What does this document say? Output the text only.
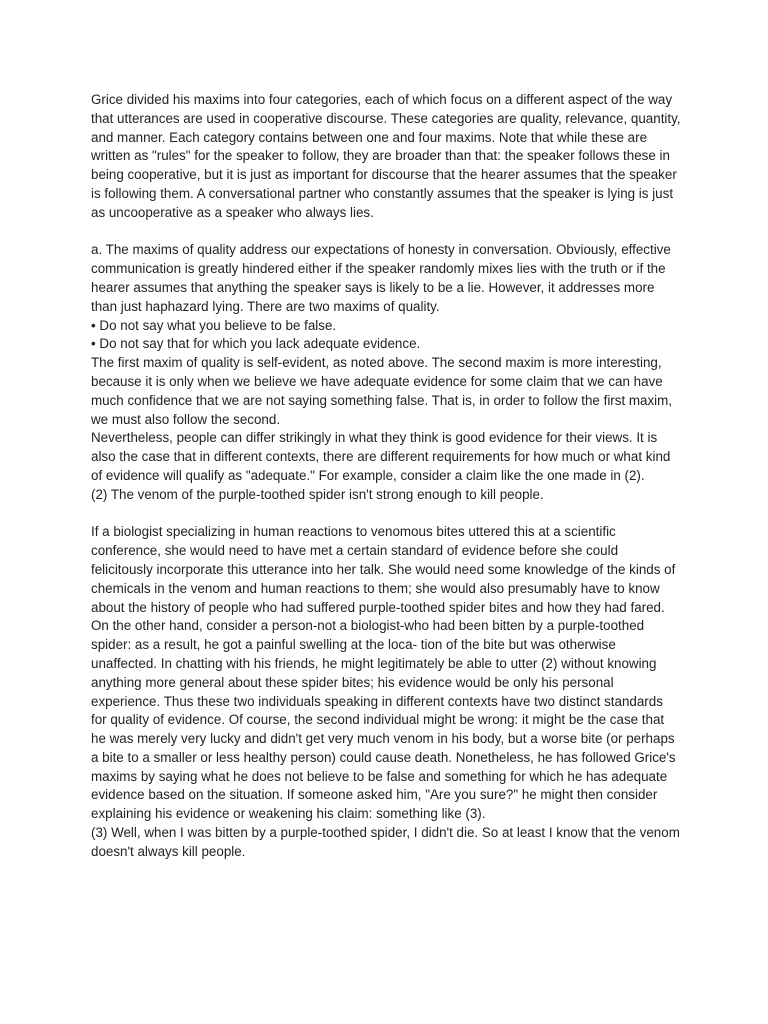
Grice divided his maxims into four categories, each of which focus on a different aspect of the way that utterances are used in cooperative discourse. These categories are quality, relevance, quantity, and manner. Each category contains between one and four maxims. Note that while these are written as "rules" for the speaker to follow, they are broader than that: the speaker follows these in being cooperative, but it is just as important for discourse that the hearer assumes that the speaker is following them. A conversational partner who constantly assumes that the speaker is lying is just as uncooperative as a speaker who always lies.

a. The maxims of quality address our expectations of honesty in conversation. Obviously, effective communication is greatly hindered either if the speaker randomly mixes lies with the truth or if the hearer assumes that anything the speaker says is likely to be a lie. However, it addresses more than just haphazard lying. There are two maxims of quality.

• Do not say what you believe to be false.

• Do not say that for which you lack adequate evidence.

The first maxim of quality is self-evident, as noted above. The second maxim is more interesting, because it is only when we believe we have adequate evidence for some claim that we can have much confidence that we are not saying something false. That is, in order to follow the first maxim, we must also follow the second.

Nevertheless, people can differ strikingly in what they think is good evidence for their views. It is also the case that in different contexts, there are different requirements for how much or what kind of evidence will qualify as "adequate." For example, consider a claim like the one made in (2).

(2) The venom of the purple-toothed spider isn't strong enough to kill people.

If a biologist specializing in human reactions to venomous bites uttered this at a scientific conference, she would need to have met a certain standard of evidence before she could felicitously incorporate this utterance into her talk. She would need some knowledge of the kinds of chemicals in the venom and human reactions to them; she would also presumably have to know about the history of people who had suffered purple-toothed spider bites and how they had fared. On the other hand, consider a person-not a biologist-who had been bitten by a purple-toothed spider: as a result, he got a painful swelling at the loca- tion of the bite but was otherwise unaffected. In chatting with his friends, he might legitimately be able to utter (2) without knowing anything more general about these spider bites; his evidence would be only his personal experience. Thus these two individuals speaking in different contexts have two distinct standards for quality of evidence. Of course, the second individual might be wrong: it might be the case that he was merely very lucky and didn't get very much venom in his body, but a worse bite (or perhaps a bite to a smaller or less healthy person) could cause death. Nonetheless, he has followed Grice's maxims by saying what he does not believe to be false and something for which he has adequate evidence based on the situation. If someone asked him, "Are you sure?" he might then consider explaining his evidence or weakening his claim: something like (3).

(3) Well, when I was bitten by a purple-toothed spider, I didn't die. So at least I know that the venom doesn't always kill people.
